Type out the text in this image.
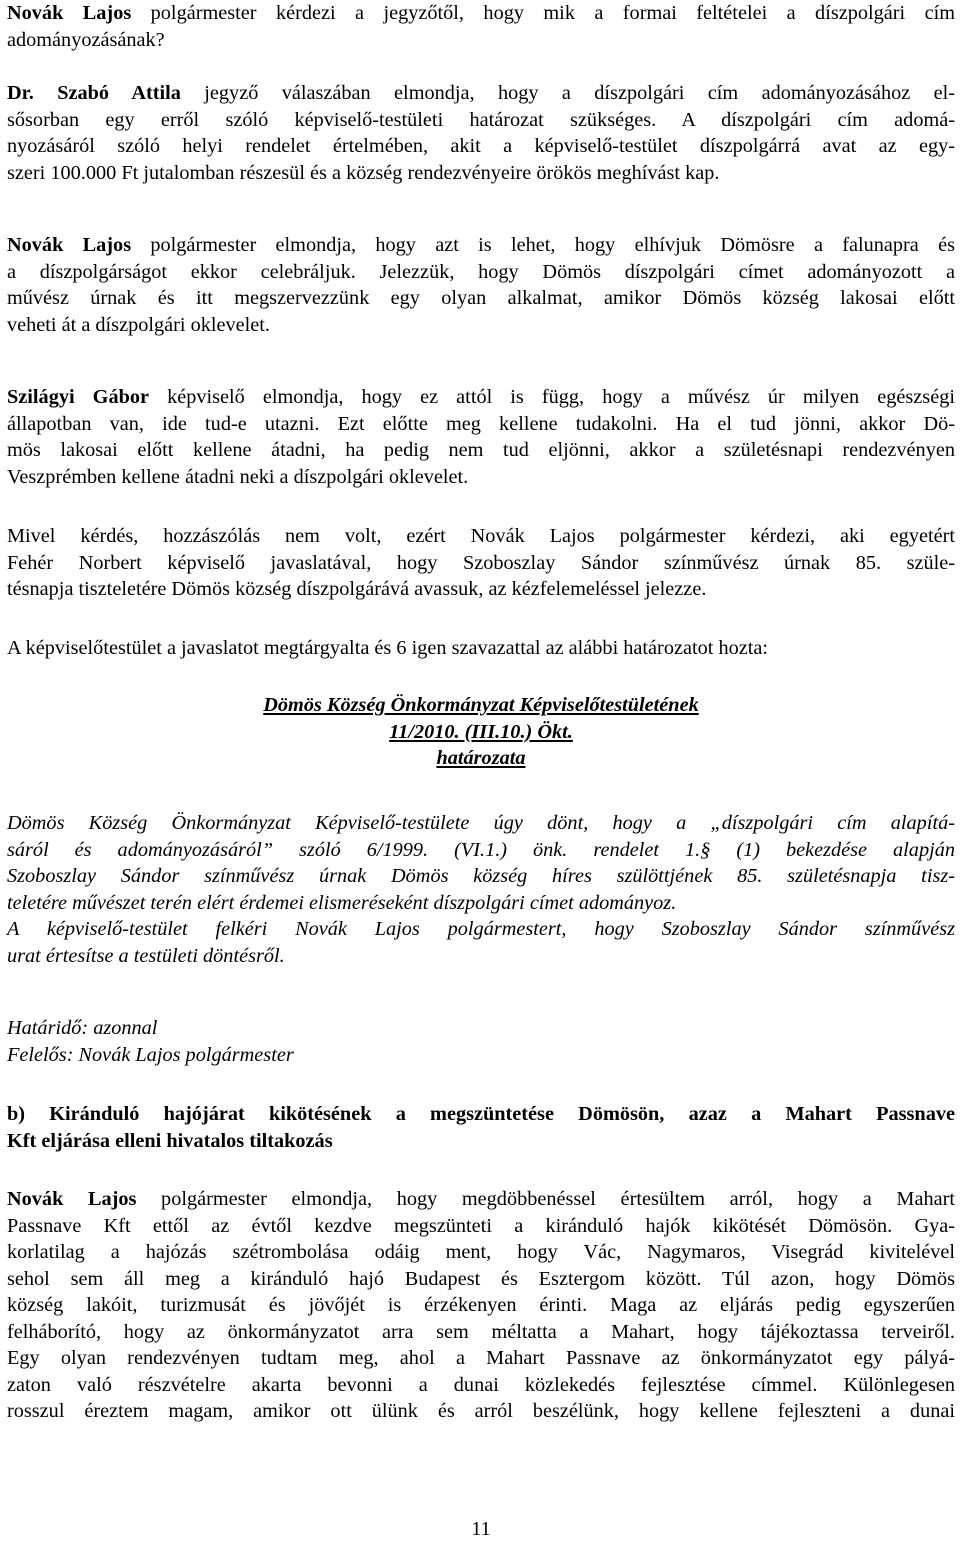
Novák Lajos polgármester kérdezi a jegyzőtől, hogy mik a formai feltételei a díszpolgári cím
adományozásának?
Dr. Szabó Attila jegyző válaszában elmondja, hogy a díszpolgári cím adományozásához el-
sősorban egy erről szóló képviselő-testületi határozat szükséges. A díszpolgári cím adomá-
nyozásáról szóló helyi rendelet értelmében, akit a képviselő-testület díszpolgárrá avat az egy-
szeri 100.000 Ft jutalomban részesül és a község rendezvényeire örökös meghívást kap.
Novák Lajos polgármester elmondja, hogy azt is lehet, hogy elhívjuk Dömösre a falunapra és
a díszpolgárságot ekkor celebráljuk. Jelezzük, hogy Dömös díszpolgári címet adományozott a
művész úrnak és itt megszervezzünk egy olyan alkalmat, amikor Dömös község lakosai előtt
veheti át a díszpolgári oklevelet.
Szilágyi Gábor képviselő elmondja, hogy ez attól is függ, hogy a művész úr milyen egészségi
állapotban van, ide tud-e utazni. Ezt előtte meg kellene tudakolni. Ha el tud jönni, akkor Dö-
mös lakosai előtt kellene átadni, ha pedig nem tud eljönni, akkor a születésnapi rendezvényen
Veszprémben kellene átadni neki a díszpolgári oklevelet.
Mivel kérdés, hozzászólás nem volt, ezért Novák Lajos polgármester kérdezi, aki egyetért
Fehér Norbert képviselő javaslatával, hogy Szoboszlay Sándor színművész úrnak 85. szüle-
tésnapja tiszteletére Dömös község díszpolgárává avassuk, az kézfelemeléssel jelezze.
A képviselőtestület a javaslatot megtárgyalta és 6 igen szavazattal az alábbi határozatot hozta:
Dömös Község Önkormányzat Képviselőtestületének
11/2010. (III.10.) Ökt.
határozata
Dömös Község Önkormányzat Képviselő-testülete úgy dönt, hogy a „díszpolgári cím alapítá-
sáról és adományozásáról” szóló 6/1999. (VI.1.) önk. rendelet 1.§ (1) bekezdése alapján
Szoboszlay Sándor színművész úrnak Dömös község híres szülöttjének 85. születésnapja tisz-
teletére művészet terén elért érdemei elismeréseként díszpolgári címet adományoz.
A képviselő-testület felkéri Novák Lajos polgármestert, hogy Szoboszlay Sándor színművész
urat értesítse a testületi döntésről.
Határidő: azonnal
Felelős: Novák Lajos polgármester
b) Kiránduló hajójárat kikötésének a megszüntetése Dömösön, azaz a Mahart Passnave
Kft eljárása elleni hivatalos tiltakozás
Novák Lajos polgármester elmondja, hogy megdöbbenéssel értesültem arról, hogy a Mahart
Passnave Kft ettől az évtől kezdve megszünteti a kiránduló hajók kikötését Dömösön. Gya-
korlatilag a hajózás szétrombolása odáig ment, hogy Vác, Nagymaros, Visegrád kivitelével
sehol sem áll meg a kiránduló hajó Budapest és Esztergom között. Túl azon, hogy Dömös
község lakóit, turizmusát és jövőjét is érzékenyen érinti. Maga az eljárás pedig egyszerűen
felháborító, hogy az önkormányzatot arra sem méltatta a Mahart, hogy tájékoztassa terveiről.
Egy olyan rendezvényen tudtam meg, ahol a Mahart Passnave az önkormányzatot egy pályá-
zaton való részvételre akarta bevonni a dunai közlekedés fejlesztése címmel. Különlegesen
rosszul éreztem magam, amikor ott ülünk és arról beszélünk, hogy kellene fejleszteni a dunai
11
